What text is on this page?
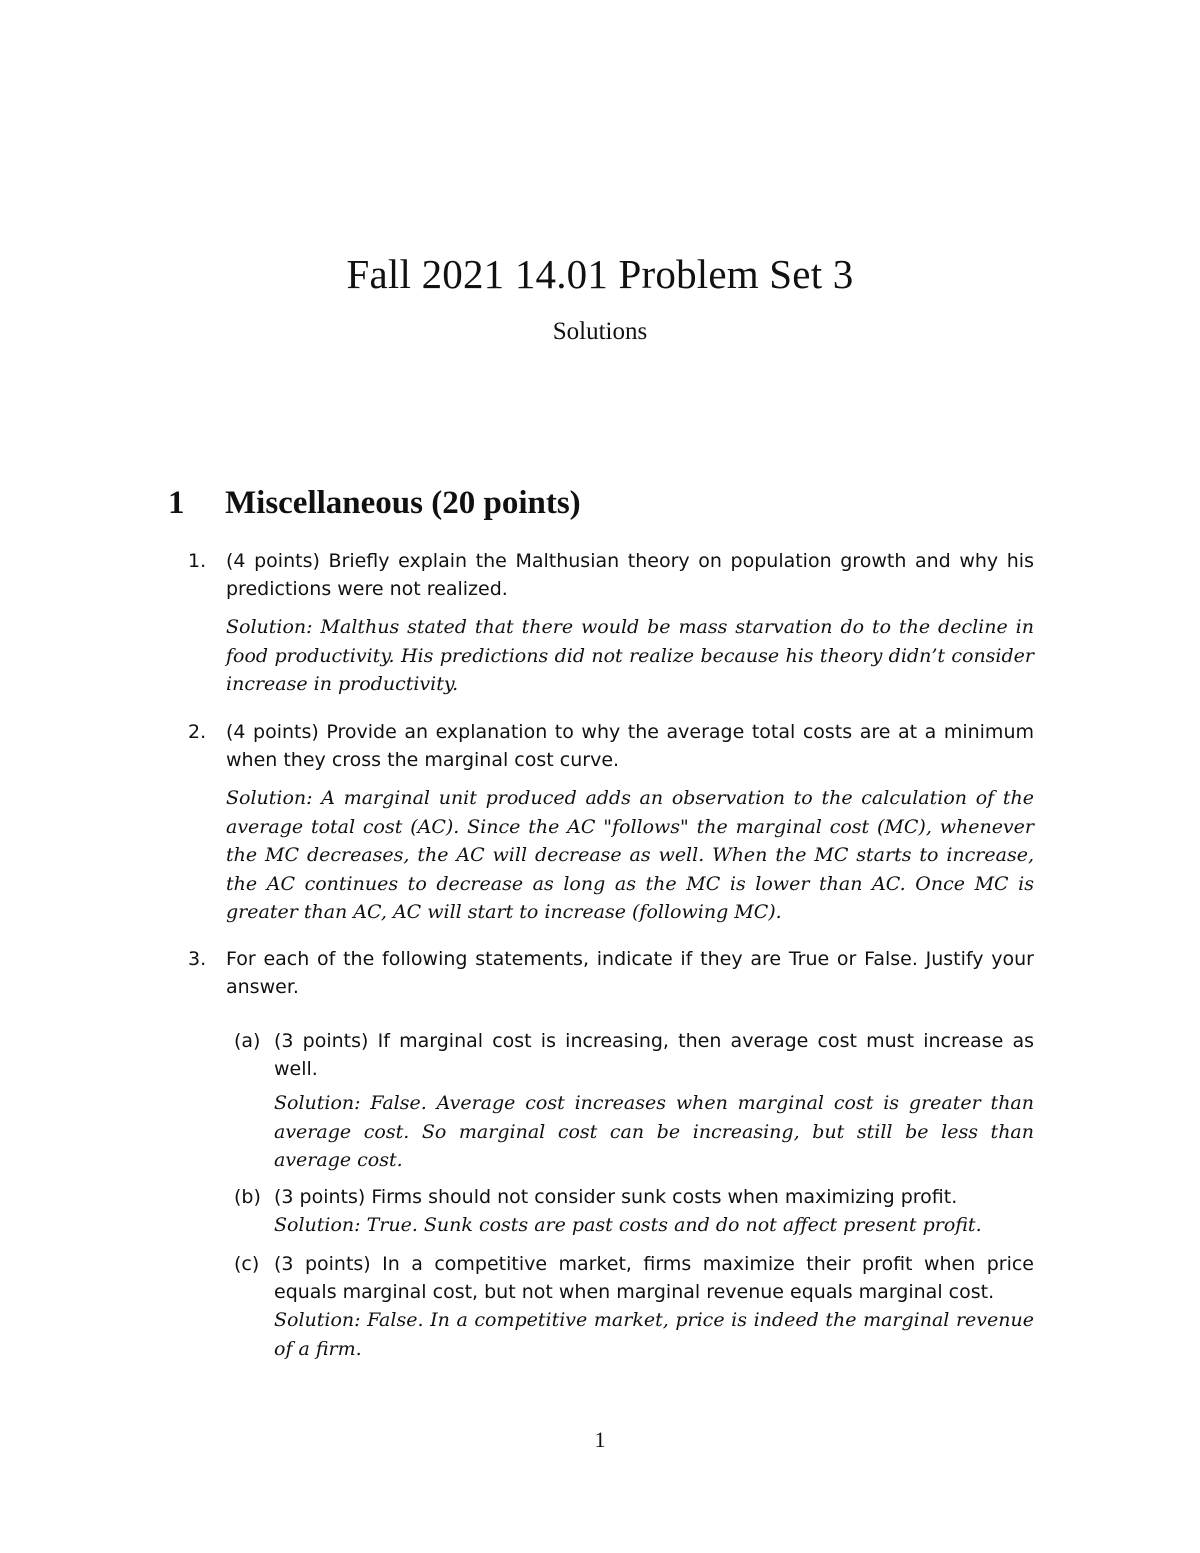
Fall 2021 14.01 Problem Set 3
Solutions
1 Miscellaneous (20 points)
1. (4 points) Briefly explain the Malthusian theory on population growth and why his predictions were not realized.

Solution: Malthus stated that there would be mass starvation do to the decline in food productivity. His predictions did not realize because his theory didn’t consider increase in productivity.

2. (4 points) Provide an explanation to why the average total costs are at a minimum when they cross the marginal cost curve.

Solution: A marginal unit produced adds an observation to the calculation of the average total cost (AC). Since the AC "follows" the marginal cost (MC), whenever the MC decreases, the AC will decrease as well. When the MC starts to increase, the AC continues to decrease as long as the MC is lower than AC. Once MC is greater than AC, AC will start to increase (following MC).

3. For each of the following statements, indicate if they are True or False. Justify your answer.

(a) (3 points) If marginal cost is increasing, then average cost must increase as well.

Solution: False. Average cost increases when marginal cost is greater than average cost. So marginal cost can be increasing, but still be less than average cost.

(b) (3 points) Firms should not consider sunk costs when maximizing profit.

Solution: True. Sunk costs are past costs and do not affect present profit.

(c) (3 points) In a competitive market, firms maximize their profit when price equals marginal cost, but not when marginal revenue equals marginal cost.

Solution: False. In a competitive market, price is indeed the marginal revenue of a firm.

1
